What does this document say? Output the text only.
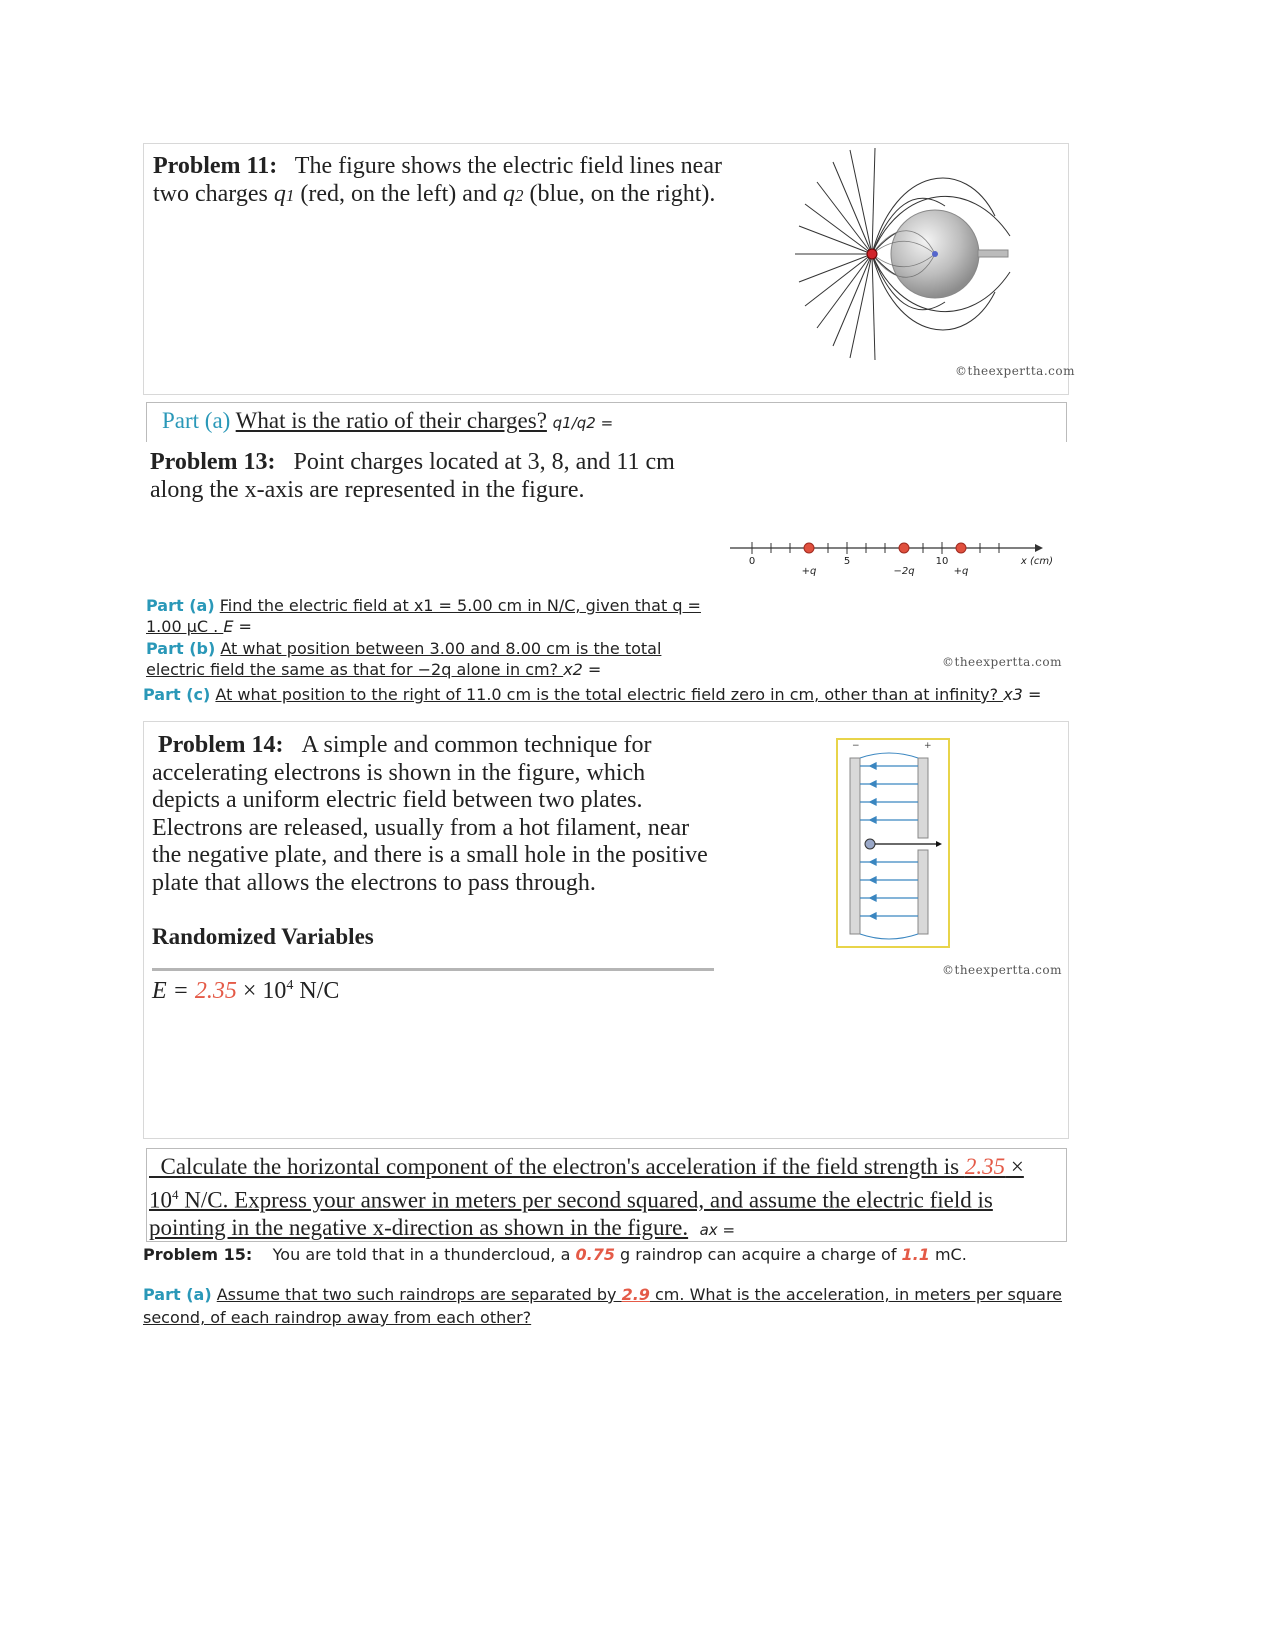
Problem 11: The figure shows the electric field lines near
two charges q1 (red, on the left) and q2 (blue, on the right).
©theexpertta.com
Part (a) What is the ratio of their charges? q1/q2 =
Problem 13: Point charges located at 3, 8, and 11 cm
along the x-axis are represented in the figure.
0	5	10	x (cm)
+q	−2q	+q
Part (a) Find the electric field at x1 = 5.00 cm in N/C, given that q =
1.00 μC . E =
Part (b) At what position between 3.00 and 8.00 cm is the total
electric field the same as that for −2q alone in cm? x2 =	©theexpertta.com
Part (c) At what position to the right of 11.0 cm is the total electric field zero in cm, other than at infinity? x3 =
Problem 14: A simple and common technique for
accelerating electrons is shown in the figure, which
depicts a uniform electric field between two plates.
Electrons are released, usually from a hot filament, near
the negative plate, and there is a small hole in the positive
plate that allows the electrons to pass through.
Randomized Variables
$E = 2.35 \times 10^4$ N/C
−	+
©theexpertta.com
Calculate the horizontal component of the electron's acceleration if the field strength is 2.35 ×
$10^4$ N/C. Express your answer in meters per second squared, and assume the electric field is
pointing in the negative x-direction as shown in the figure. ax =
Problem 15: You are told that in a thundercloud, a 0.75 g raindrop can acquire a charge of 1.1 mC.
Part (a) Assume that two such raindrops are separated by 2.9 cm. What is the acceleration, in meters per square
second, of each raindrop away from each other?
